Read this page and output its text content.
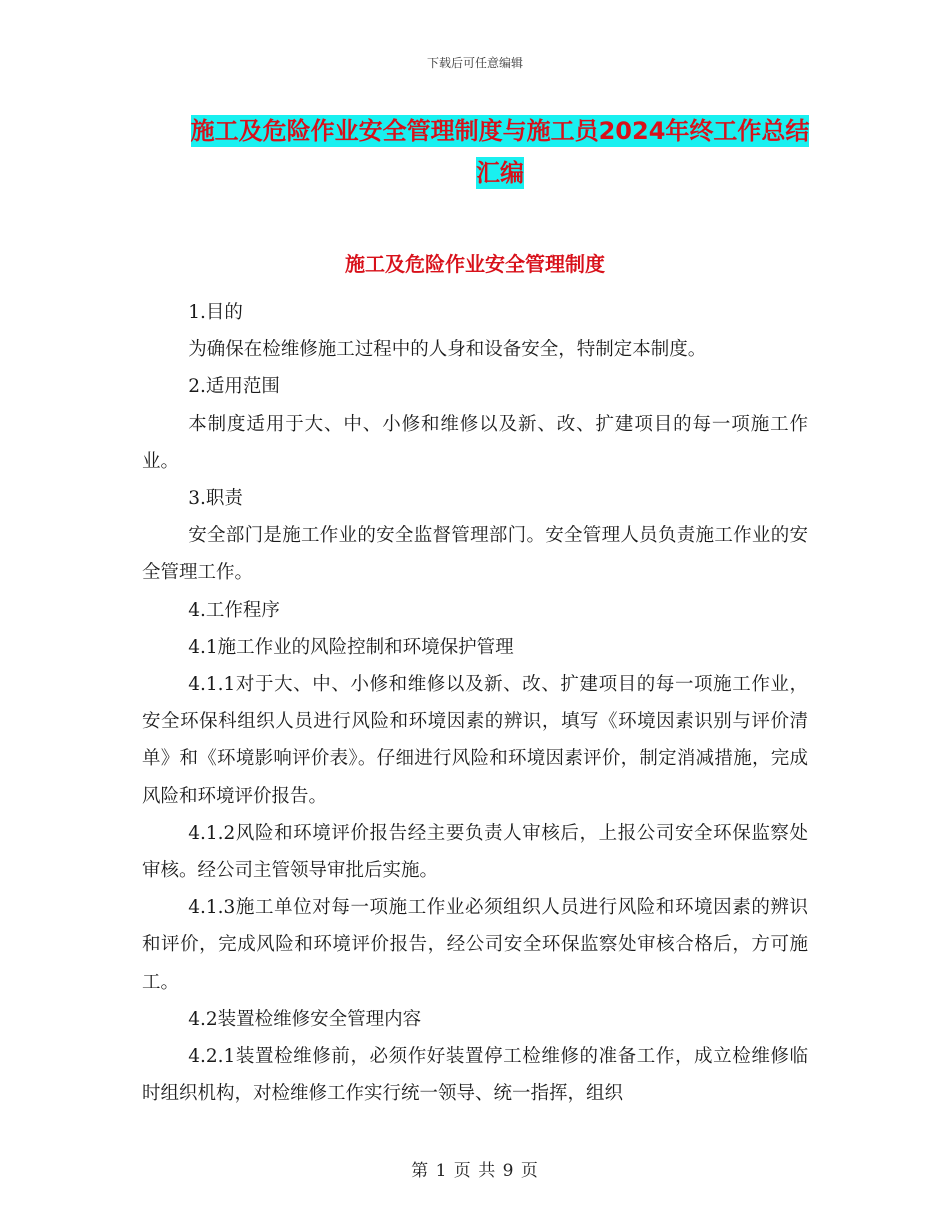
下载后可任意编辑
施工及危险作业安全管理制度与施工员2024年终工作总结汇编
施工及危险作业安全管理制度

1.目的

为确保在检维修施工过程中的人身和设备安全，特制定本制度。

2.适用范围

本制度适用于大、中、小修和维修以及新、改、扩建项目的每一项施工作业。

3.职责

安全部门是施工作业的安全监督管理部门。安全管理人员负责施工作业的安全管理工作。

4.工作程序

4.1施工作业的风险控制和环境保护管理

4.1.1对于大、中、小修和维修以及新、改、扩建项目的每一项施工作业，安全环保科组织人员进行风险和环境因素的辨识，填写《环境因素识别与评价清单》和《环境影响评价表》。仔细进行风险和环境因素评价，制定消减措施，完成风险和环境评价报告。

4.1.2风险和环境评价报告经主要负责人审核后，上报公司安全环保监察处审核。经公司主管领导审批后实施。

4.1.3施工单位对每一项施工作业必须组织人员进行风险和环境因素的辨识和评价，完成风险和环境评价报告，经公司安全环保监察处审核合格后，方可施工。

4.2装置检维修安全管理内容

4.2.1装置检维修前，必须作好装置停工检维修的准备工作，成立检维修临时组织机构，对检维修工作实行统一领导、统一指挥，组织

第 1 页 共 9 页
